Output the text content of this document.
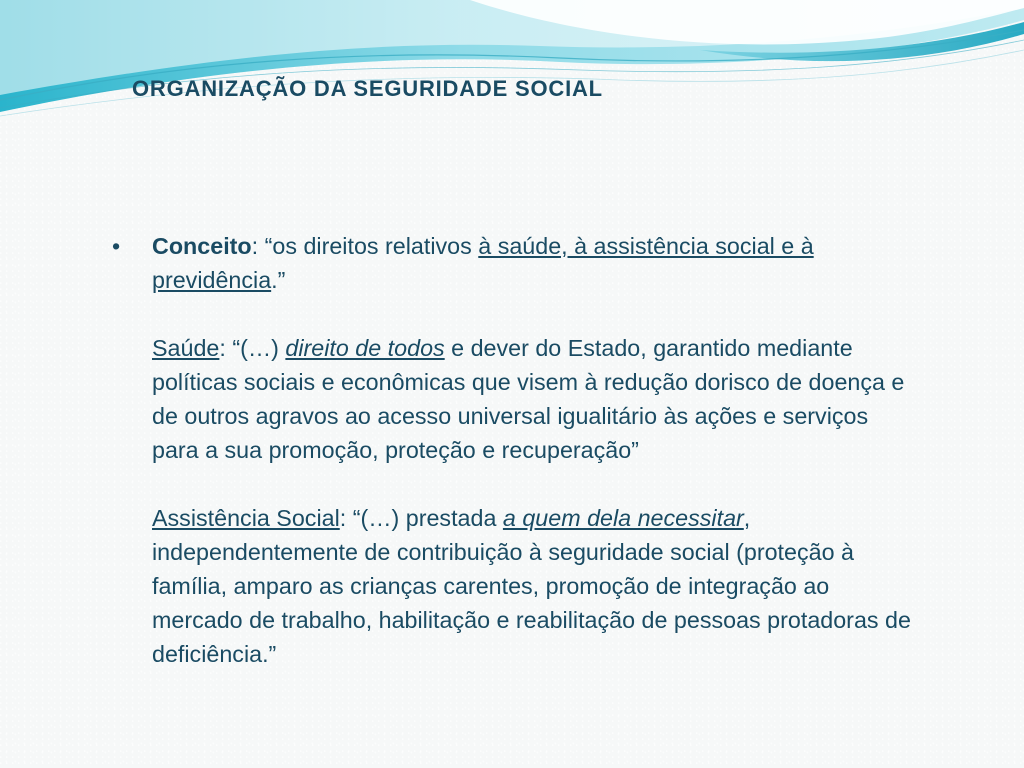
ORGANIZAÇÃO DA SEGURIDADE SOCIAL
•	Conceito: “os direitos relativos à saúde, à assistência social e à previdência.”

Saúde: “(…) direito de todos e dever do Estado, garantido mediante políticas sociais e econômicas que visem à redução dorisco de doença e de outros agravos ao acesso universal igualitário às ações e serviços para a sua promoção, proteção e recuperação”

Assistência Social: “(…) prestada a quem dela necessitar, independentemente de contribuição à seguridade social (proteção à família, amparo as crianças carentes, promoção de integração ao mercado de trabalho, habilitação e reabilitação de pessoas protadoras de deficiência.”
